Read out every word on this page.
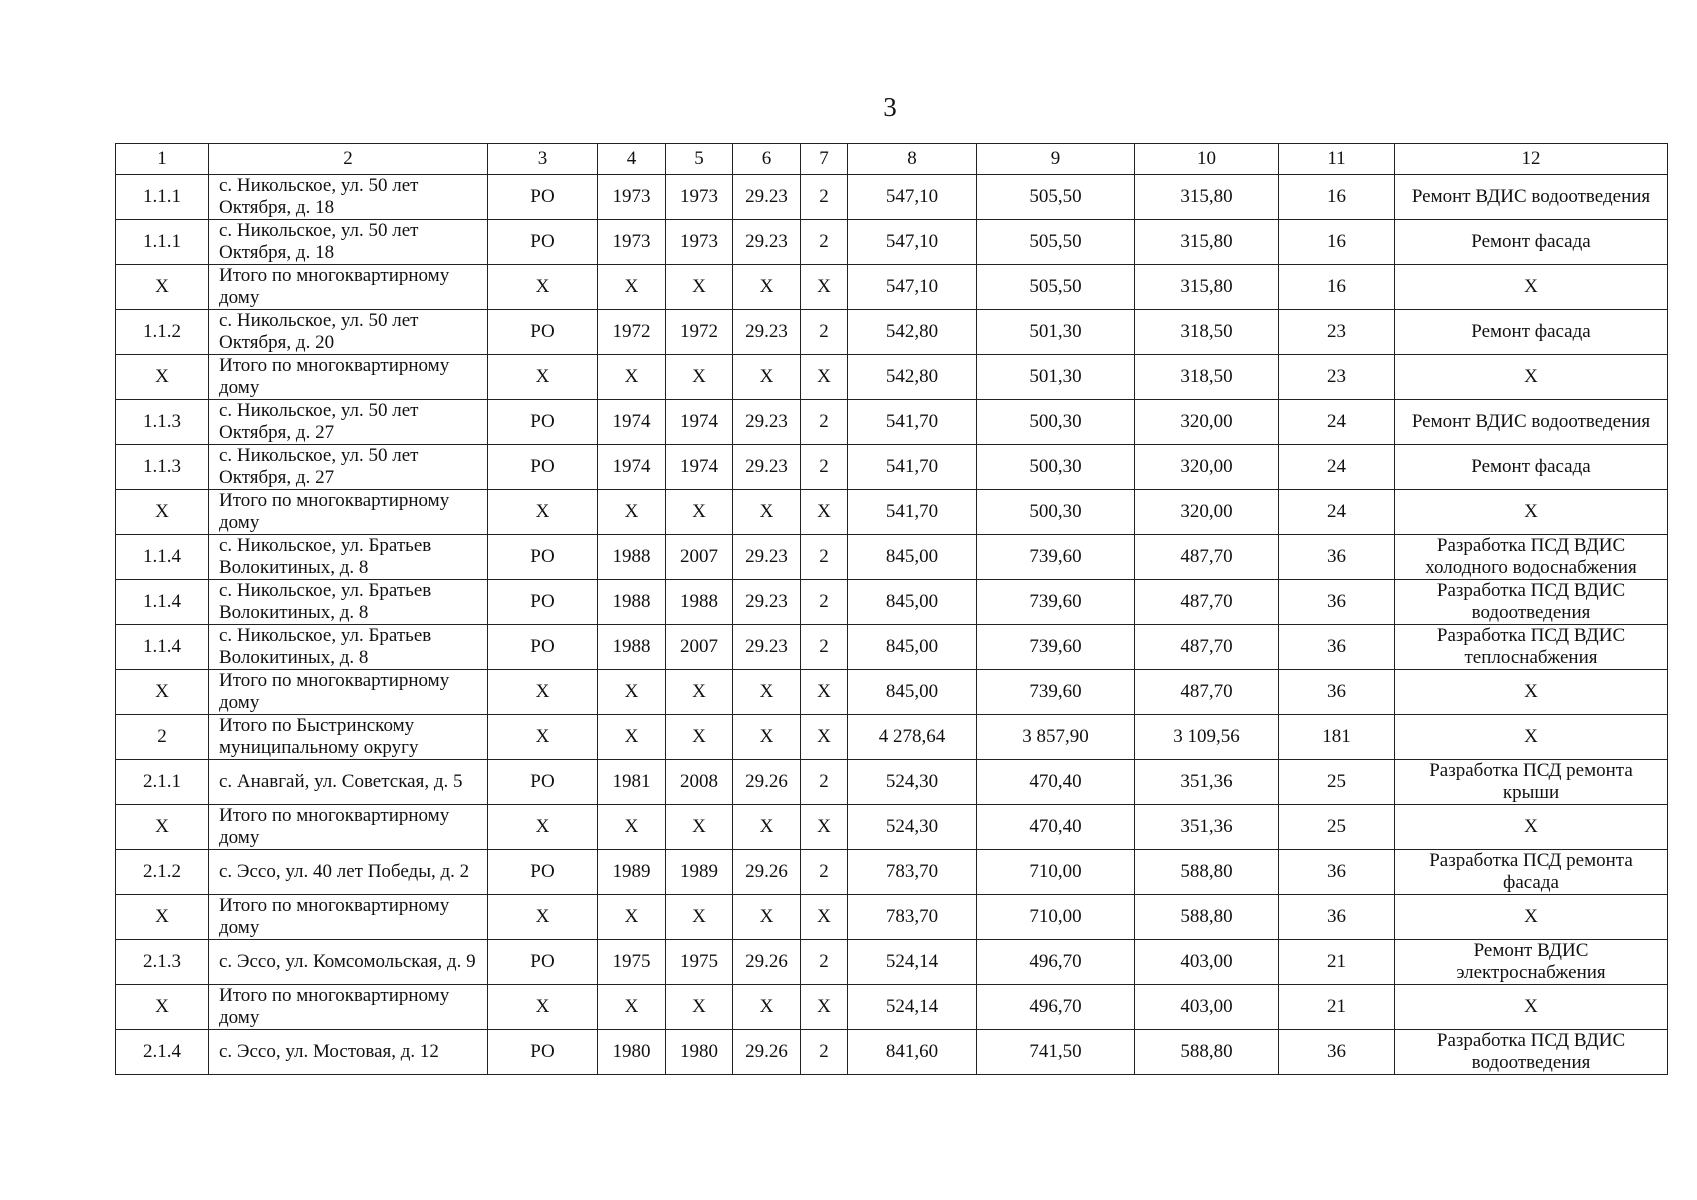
3
1	2	3	4	5	6	7	8	9	10	11	12
1.1.1	с. Никольское, ул. 50 лет Октября, д. 18	РО	1973	1973	29.23	2	547,10	505,50	315,80	16	Ремонт ВДИС водоотведения
1.1.1	с. Никольское, ул. 50 лет Октября, д. 18	РО	1973	1973	29.23	2	547,10	505,50	315,80	16	Ремонт фасада
Х	Итого по многоквартирному дому	Х	Х	Х	Х	Х	547,10	505,50	315,80	16	Х
1.1.2	с. Никольское, ул. 50 лет Октября, д. 20	РО	1972	1972	29.23	2	542,80	501,30	318,50	23	Ремонт фасада
Х	Итого по многоквартирному дому	Х	Х	Х	Х	Х	542,80	501,30	318,50	23	Х
1.1.3	с. Никольское, ул. 50 лет Октября, д. 27	РО	1974	1974	29.23	2	541,70	500,30	320,00	24	Ремонт ВДИС водоотведения
1.1.3	с. Никольское, ул. 50 лет Октября, д. 27	РО	1974	1974	29.23	2	541,70	500,30	320,00	24	Ремонт фасада
Х	Итого по многоквартирному дому	Х	Х	Х	Х	Х	541,70	500,30	320,00	24	Х
1.1.4	с. Никольское, ул. Братьев Волокитиных, д. 8	РО	1988	2007	29.23	2	845,00	739,60	487,70	36	Разработка ПСД ВДИС холодного водоснабжения
1.1.4	с. Никольское, ул. Братьев Волокитиных, д. 8	РО	1988	1988	29.23	2	845,00	739,60	487,70	36	Разработка ПСД ВДИС водоотведения
1.1.4	с. Никольское, ул. Братьев Волокитиных, д. 8	РО	1988	2007	29.23	2	845,00	739,60	487,70	36	Разработка ПСД ВДИС теплоснабжения
Х	Итого по многоквартирному дому	Х	Х	Х	Х	Х	845,00	739,60	487,70	36	Х
2	Итого по Быстринскому муниципальному округу	Х	Х	Х	Х	Х	4 278,64	3 857,90	3 109,56	181	Х
2.1.1	с. Анавгай, ул. Советская, д. 5	РО	1981	2008	29.26	2	524,30	470,40	351,36	25	Разработка ПСД ремонта крыши
Х	Итого по многоквартирному дому	Х	Х	Х	Х	Х	524,30	470,40	351,36	25	Х
2.1.2	с. Эссо, ул. 40 лет Победы, д. 2	РО	1989	1989	29.26	2	783,70	710,00	588,80	36	Разработка ПСД ремонта фасада
Х	Итого по многоквартирному дому	Х	Х	Х	Х	Х	783,70	710,00	588,80	36	Х
2.1.3	с. Эссо, ул. Комсомольская, д. 9	РО	1975	1975	29.26	2	524,14	496,70	403,00	21	Ремонт ВДИС электроснабжения
Х	Итого по многоквартирному дому	Х	Х	Х	Х	Х	524,14	496,70	403,00	21	Х
2.1.4	с. Эссо, ул. Мостовая, д. 12	РО	1980	1980	29.26	2	841,60	741,50	588,80	36	Разработка ПСД ВДИС водоотведения
